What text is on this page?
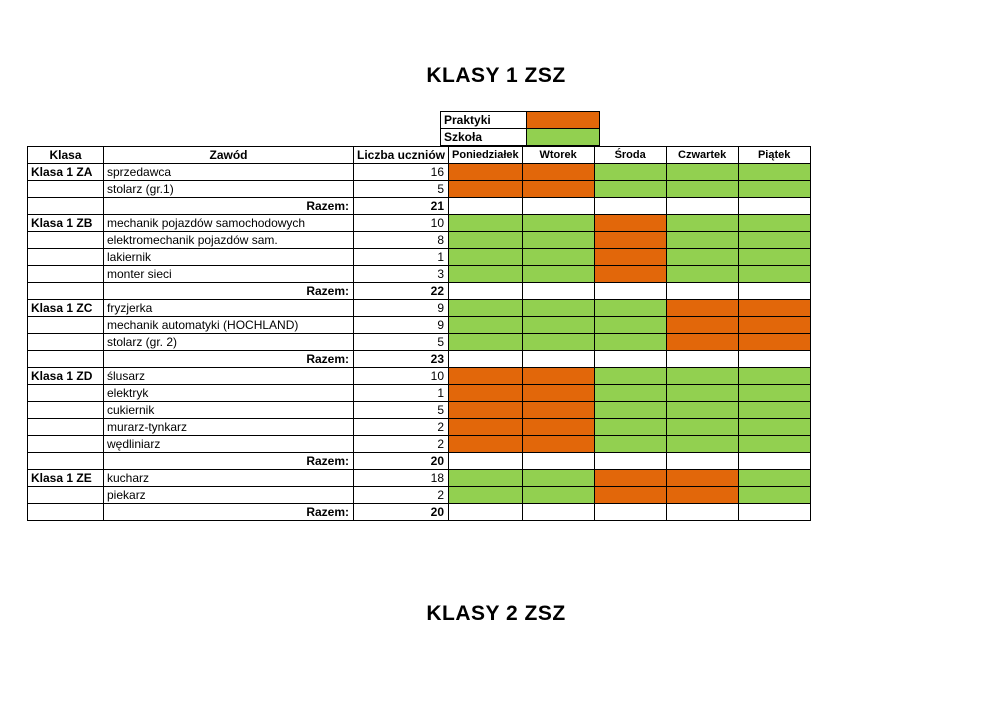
KLASY 1 ZSZ
Praktyki	
Szkoła	
Klasa	Zawód	Liczba uczniów	Poniedziałek	Wtorek	Środa	Czwartek	Piątek
Klasa 1 ZA	sprzedawca	16					
	stolarz (gr.1)	5					
	Razem:	21					
Klasa 1 ZB	mechanik pojazdów samochodowych	10					
	elektromechanik pojazdów sam.	8					
	lakiernik	1					
	monter sieci	3					
	Razem:	22					
Klasa 1 ZC	fryzjerka	9					
	mechanik automatyki (HOCHLAND)	9					
	stolarz (gr. 2)	5					
	Razem:	23					
Klasa 1 ZD	ślusarz	10					
	elektryk	1					
	cukiernik	5					
	murarz-tynkarz	2					
	wędliniarz	2					
	Razem:	20					
Klasa 1 ZE	kucharz	18					
	piekarz	2					
	Razem:	20					
KLASY 2 ZSZ
